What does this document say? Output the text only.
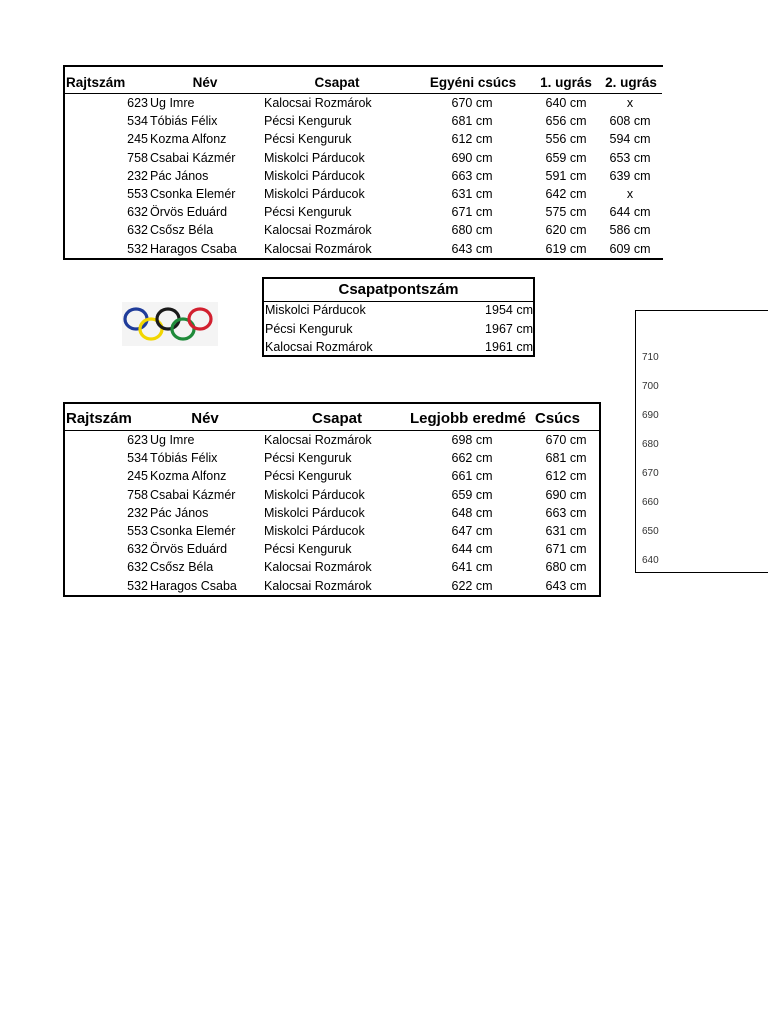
Rajtszám	Név	Csapat	Egyéni csúcs	1. ugrás 2. ugrás
623 Ug Imre	Kalocsai Rozmárok	670 cm	640 cm	x
534 Tóbiás Félix	Pécsi Kenguruk	681 cm	656 cm	608 cm
245 Kozma Alfonz	Pécsi Kenguruk	612 cm	556 cm	594 cm
758 Csabai Kázmér	Miskolci Párducok	690 cm	659 cm	653 cm
232 Pác János	Miskolci Párducok	663 cm	591 cm	639 cm
553 Csonka Elemér	Miskolci Párducok	631 cm	642 cm	x
632 Örvös Eduárd	Pécsi Kenguruk	671 cm	575 cm	644 cm
632 Csősz Béla	Kalocsai Rozmárok	680 cm	620 cm	586 cm
532 Haragos Csaba	Kalocsai Rozmárok	643 cm	619 cm	609 cm
Csapatpontszám
Miskolci Párducok	1954 cm
Pécsi Kenguruk	1967 cm
Kalocsai Rozmárok	1961 cm
Rajtszám	Név	Csapat	Legjobb eredmé Csúcs
623 Ug Imre	Kalocsai Rozmárok	698 cm	670 cm
534 Tóbiás Félix	Pécsi Kenguruk	662 cm	681 cm
245 Kozma Alfonz	Pécsi Kenguruk	661 cm	612 cm
758 Csabai Kázmér	Miskolci Párducok	659 cm	690 cm
232 Pác János	Miskolci Párducok	648 cm	663 cm
553 Csonka Elemér	Miskolci Párducok	647 cm	631 cm
632 Örvös Eduárd	Pécsi Kenguruk	644 cm	671 cm
632 Csősz Béla	Kalocsai Rozmárok	641 cm	680 cm
532 Haragos Csaba	Kalocsai Rozmárok	622 cm	643 cm
710
700
690
680
670
660
650
640
